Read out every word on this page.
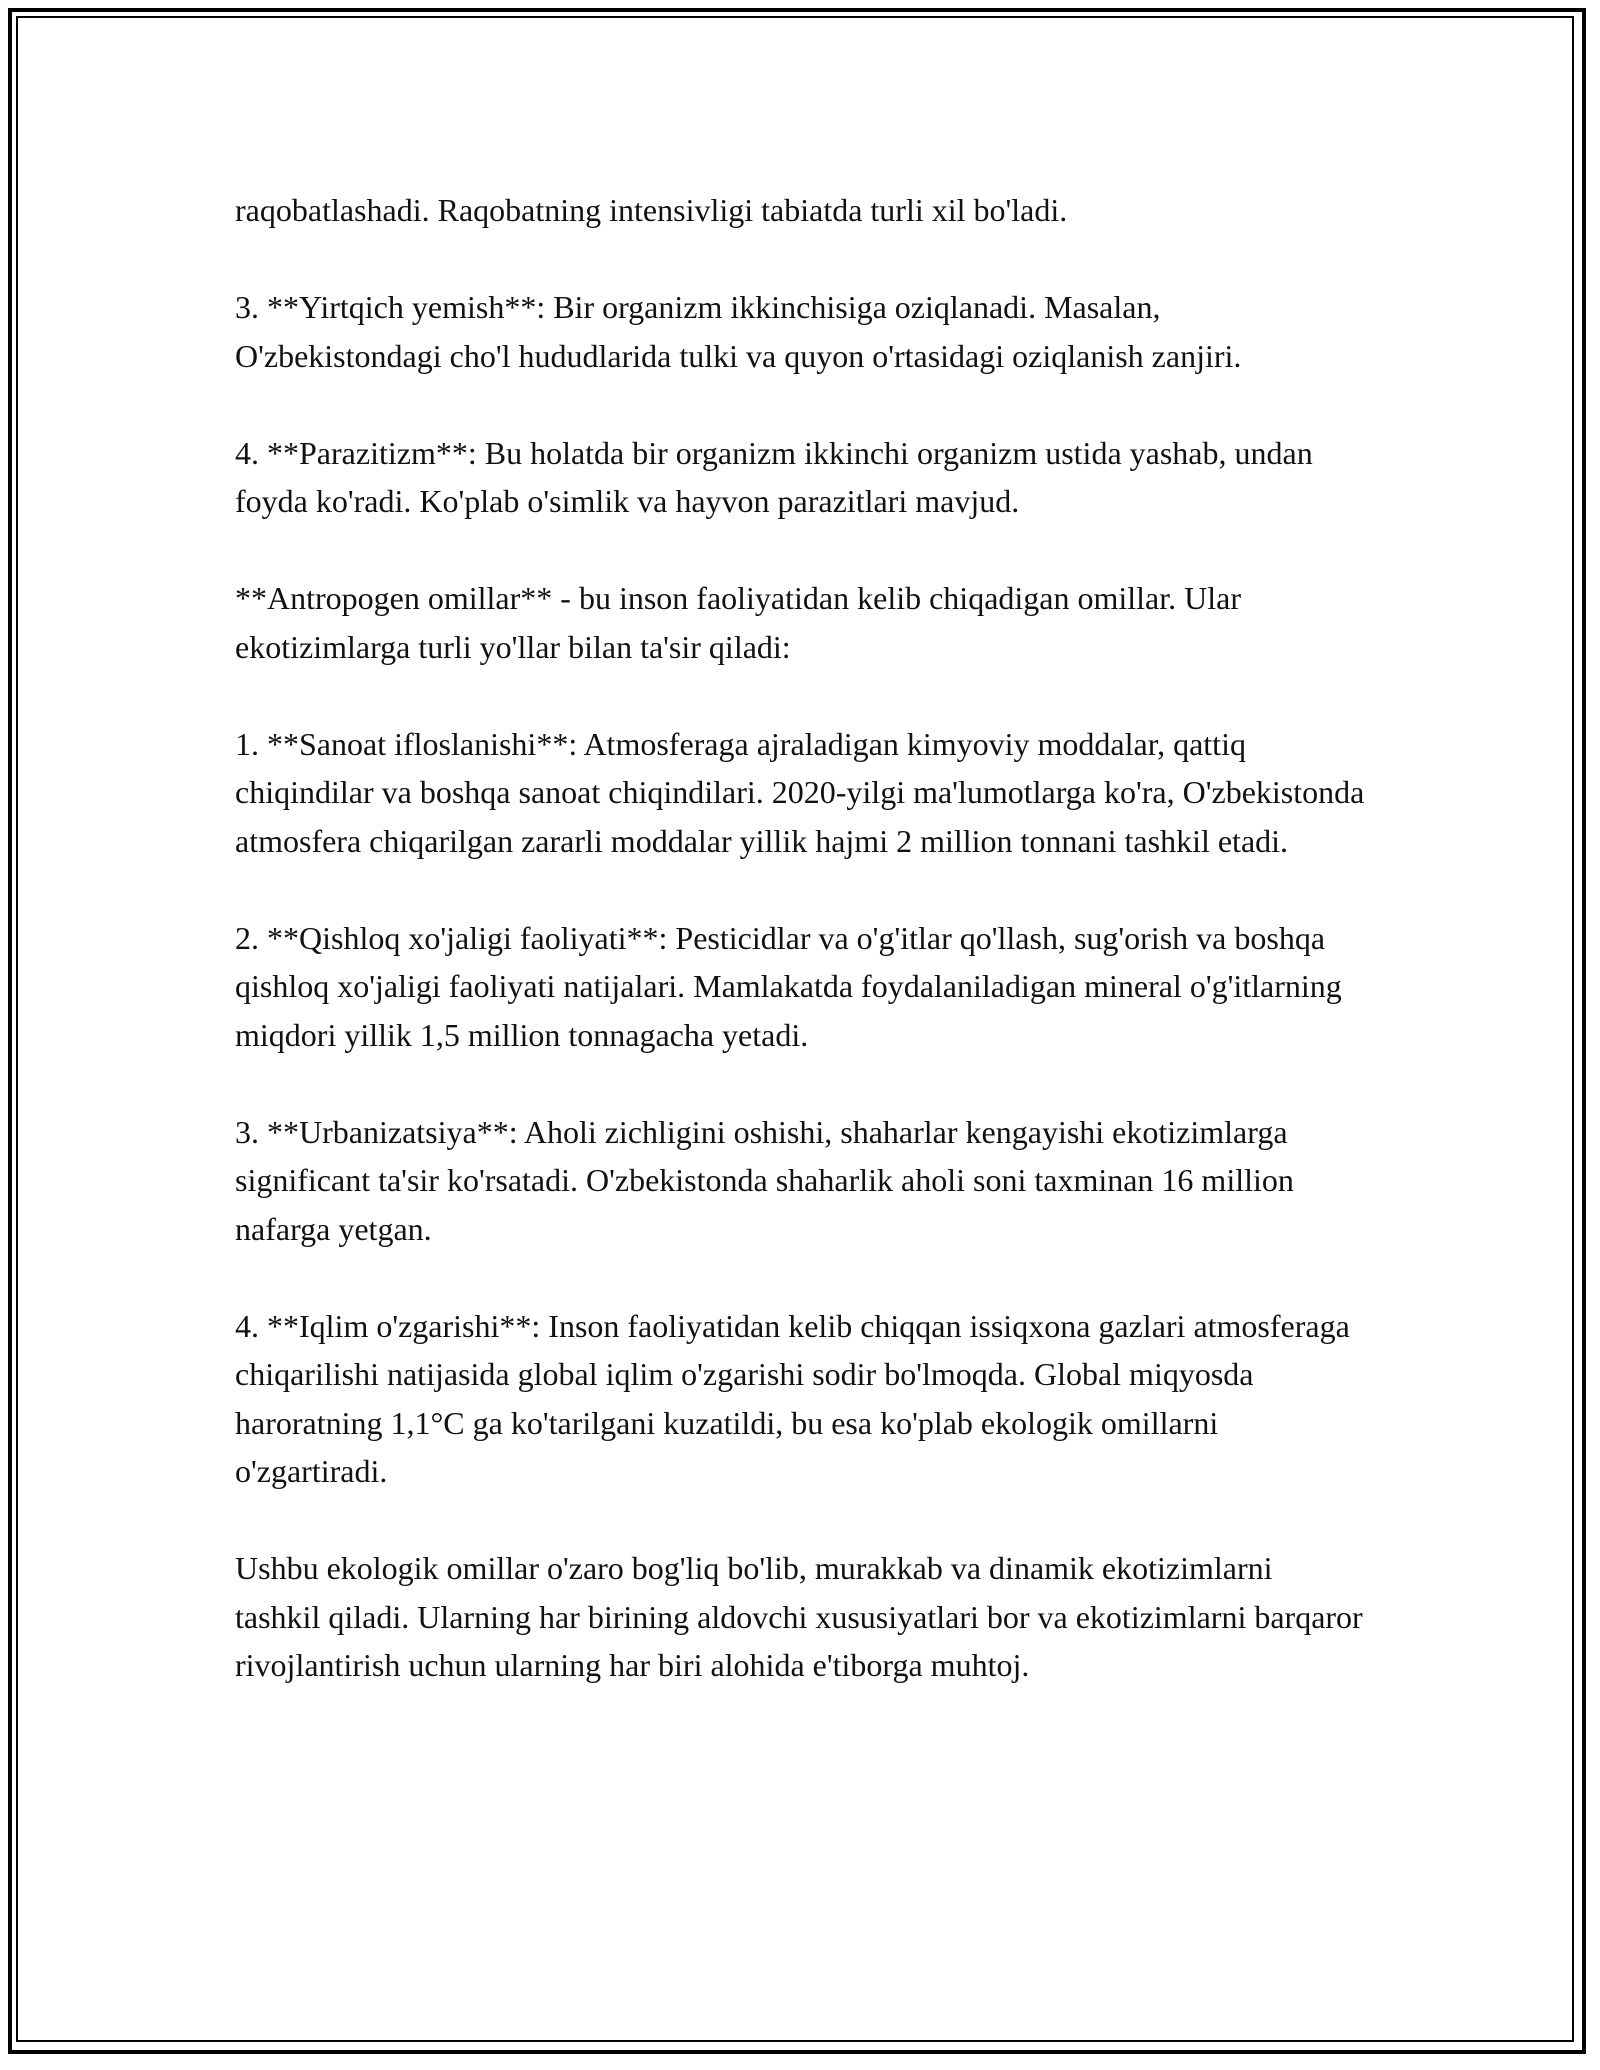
raqobatlashadi. Raqobatning intensivligi tabiatda turli xil bo'ladi.

3. **Yirtqich yemish**: Bir organizm ikkinchisiga oziqlanadi. Masalan, O'zbekistondagi cho'l hududlarida tulki va quyon o'rtasidagi oziqlanish zanjiri.

4. **Parazitizm**: Bu holatda bir organizm ikkinchi organizm ustida yashab, undan foyda ko'radi. Ko'plab o'simlik va hayvon parazitlari mavjud.

**Antropogen omillar** - bu inson faoliyatidan kelib chiqadigan omillar. Ular ekotizimlarga turli yo'llar bilan ta'sir qiladi:

1. **Sanoat ifloslanishi**: Atmosferaga ajraladigan kimyoviy moddalar, qattiq chiqindilar va boshqa sanoat chiqindilari. 2020-yilgi ma'lumotlarga ko'ra, O'zbekistonda atmosfera chiqarilgan zararli moddalar yillik hajmi 2 million tonnani tashkil etadi.

2. **Qishloq xo'jaligi faoliyati**: Pesticidlar va o'g'itlar qo'llash, sug'orish va boshqa qishloq xo'jaligi faoliyati natijalari. Mamlakatda foydalaniladigan mineral o'g'itlarning miqdori yillik 1,5 million tonnagacha yetadi.

3. **Urbanizatsiya**: Aholi zichligini oshishi, shaharlar kengayishi ekotizimlarga significant ta'sir ko'rsatadi. O'zbekistonda shaharlik aholi soni taxminan 16 million nafarga yetgan.

4. **Iqlim o'zgarishi**: Inson faoliyatidan kelib chiqqan issiqxona gazlari atmosferaga chiqarilishi natijasida global iqlim o'zgarishi sodir bo'lmoqda. Global miqyosda haroratning 1,1°C ga ko'tarilgani kuzatildi, bu esa ko'plab ekologik omillarni o'zgartiradi.

Ushbu ekologik omillar o'zaro bog'liq bo'lib, murakkab va dinamik ekotizimlarni tashkil qiladi. Ularning har birining aldovchi xususiyatlari bor va ekotizimlarni barqaror rivojlantirish uchun ularning har biri alohida e'tiborga muhtoj.
